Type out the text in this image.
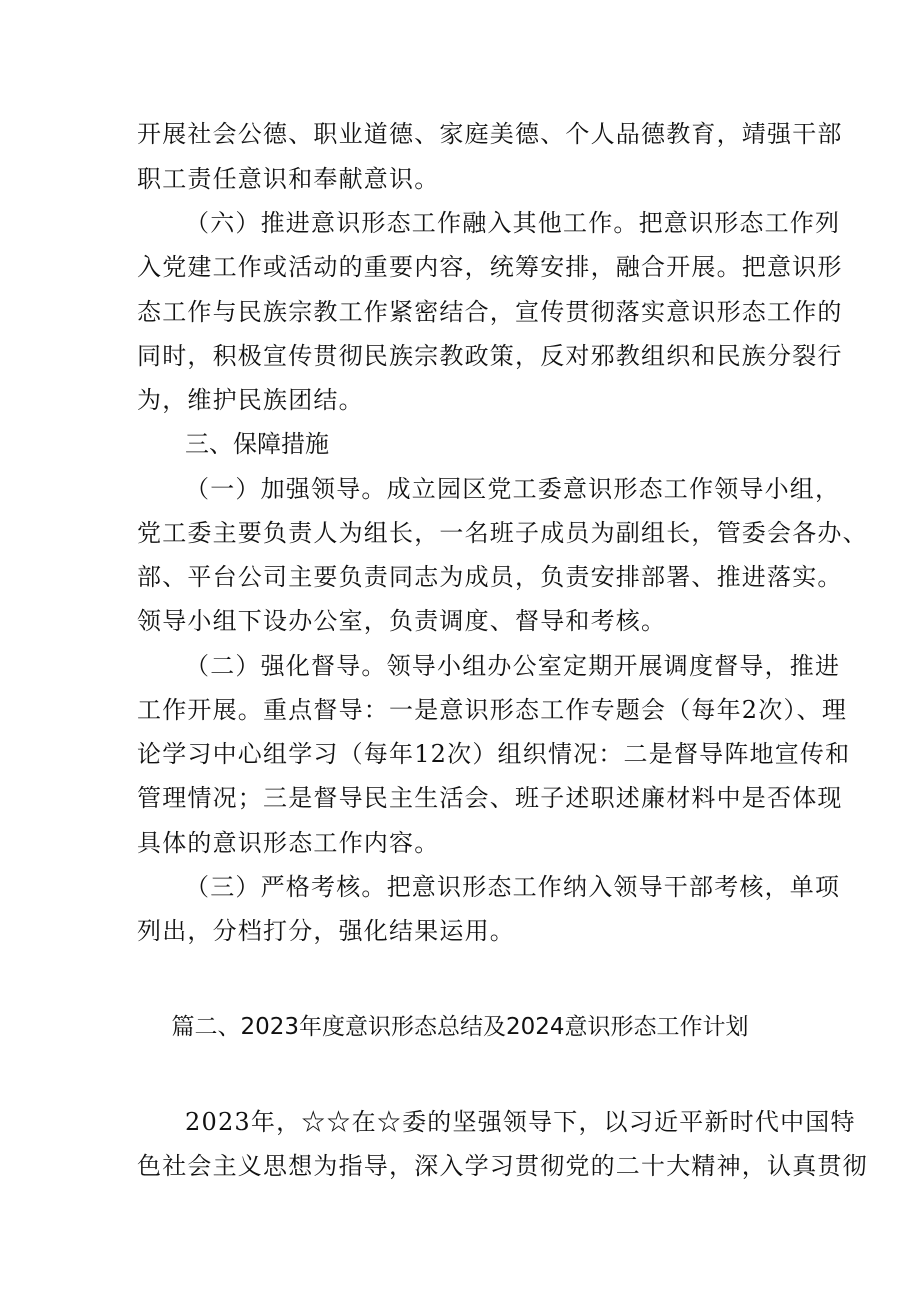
开展社会公德、职业道德、家庭美德、个人品德教育，靖强干部
职工责任意识和奉献意识。
（六）推进意识形态工作融入其他工作。把意识形态工作列
入党建工作或活动的重要内容，统筹安排，融合开展。把意识形
态工作与民族宗教工作紧密结合，宣传贯彻落实意识形态工作的
同时，积极宣传贯彻民族宗教政策，反对邪教组织和民族分裂行
为，维护民族团结。
三、保障措施
（一）加强领导。成立园区党工委意识形态工作领导小组，
党工委主要负责人为组长，一名班子成员为副组长，管委会各办、
部、平台公司主要负责同志为成员，负责安排部署、推进落实。
领导小组下设办公室，负责调度、督导和考核。
（二）强化督导。领导小组办公室定期开展调度督导，推进
工作开展。重点督导：一是意识形态工作专题会（每年2次）、理
论学习中心组学习（每年12次）组织情况：二是督导阵地宣传和
管理情况；三是督导民主生活会、班子述职述廉材料中是否体现
具体的意识形态工作内容。
（三）严格考核。把意识形态工作纳入领导干部考核，单项
列出，分档打分，强化结果运用。
篇二、2023年度意识形态总结及2024意识形态工作计划
2023年，☆☆在☆委的坚强领导下，以习近平新时代中国特
色社会主义思想为指导，深入学习贯彻党的二十大精神，认真贯彻
